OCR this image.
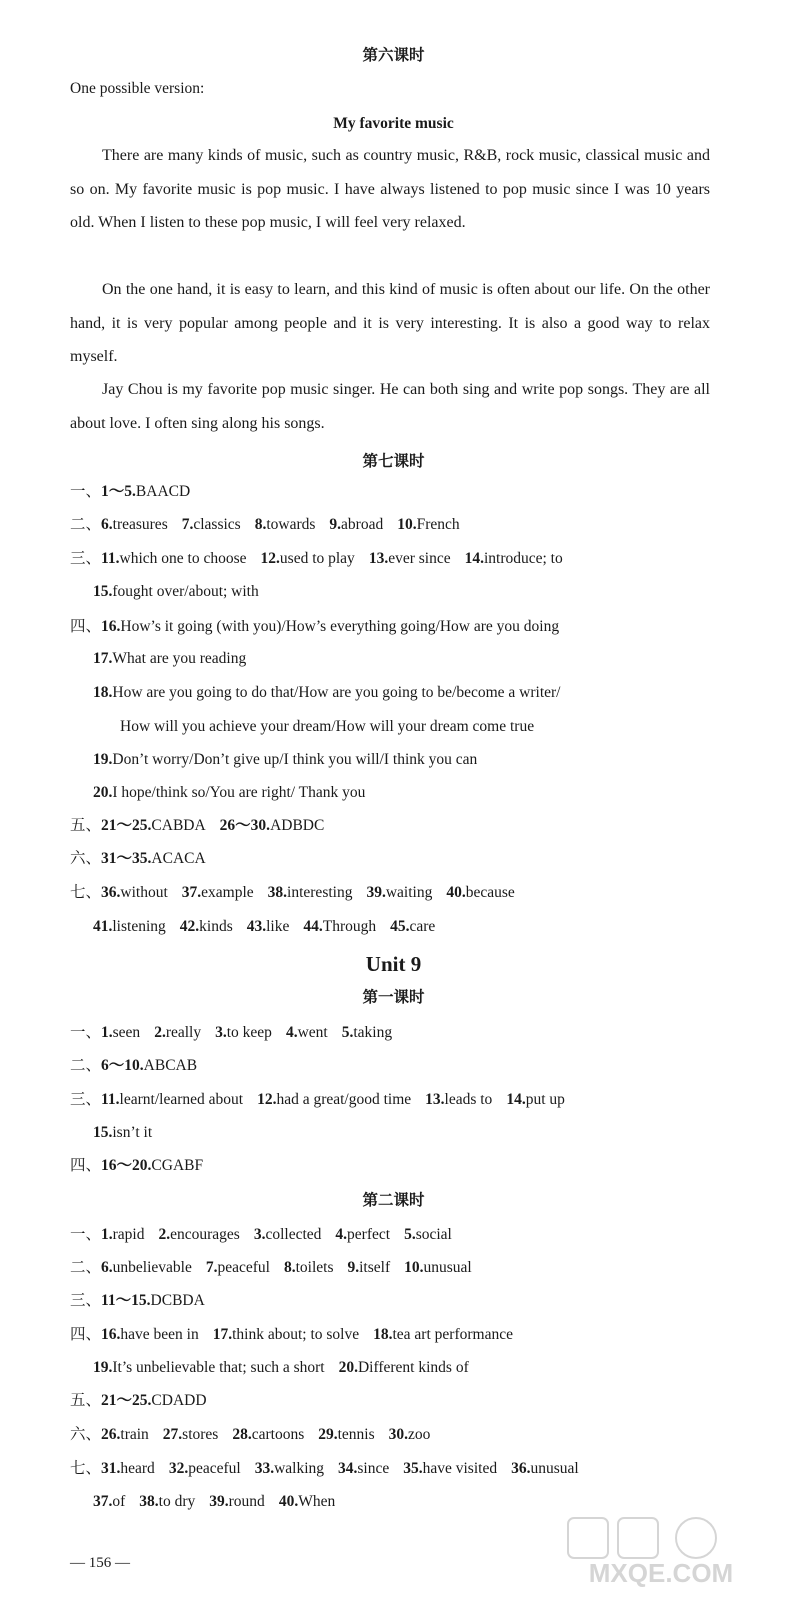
第六课时
One possible version:
My favorite music
There are many kinds of music, such as country music, R&B, rock music, classical music and so on. My favorite music is pop music. I have always listened to pop music since I was 10 years old. When I listen to these pop music, I will feel very relaxed.
On the one hand, it is easy to learn, and this kind of music is often about our life. On the other hand, it is very popular among people and it is very interesting. It is also a good way to relax myself.
Jay Chou is my favorite pop music singer. He can both sing and write pop songs. They are all about love. I often sing along his songs.
第七课时
一、1～5.BAACD
二、6.treasures 7.classics 8.towards 9.abroad 10.French
三、11.which one to choose 12.used to play 13.ever since 14.introduce; to
15.fought over/about; with
四、16.How’s it going (with you)/How’s everything going/How are you doing
17.What are you reading
18.How are you going to do that/How are you going to be/become a writer/
How will you achieve your dream/How will your dream come true
19.Don’t worry/Don’t give up/I think you will/I think you can
20.I hope/think so/You are right/ Thank you
五、21～25.CABDA 26～30.ADBDC
六、31～35.ACACA
七、36.without 37.example 38.interesting 39.waiting 40.because
41.listening 42.kinds 43.like 44.Through 45.care
Unit 9
第一课时
一、1.seen 2.really 3.to keep 4.went 5.taking
二、6～10.ABCAB
三、11.learnt/learned about 12.had a great/good time 13.leads to 14.put up
15.isn’t it
四、16～20.CGABF
第二课时
一、1.rapid 2.encourages 3.collected 4.perfect 5.social
二、6.unbelievable 7.peaceful 8.toilets 9.itself 10.unusual
三、11～15.DCBDA
四、16.have been in 17.think about; to solve 18.tea art performance
19.It’s unbelievable that; such a short 20.Different kinds of
五、21～25.CDADD
六、26.train 27.stores 28.cartoons 29.tennis 30.zoo
七、31.heard 32.peaceful 33.walking 34.since 35.have visited 36.unusual
37.of 38.to dry 39.round 40.When
— 156 —	MXQE.COM
